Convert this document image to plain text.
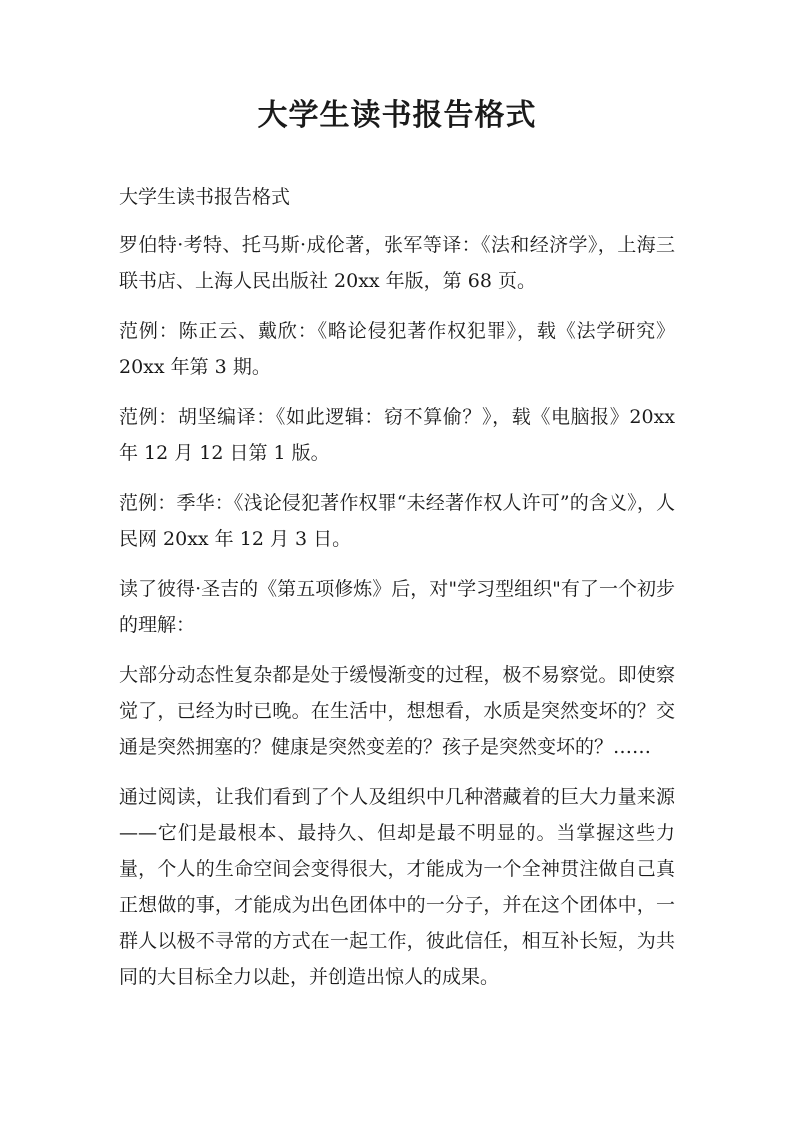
大学生读书报告格式

大学生读书报告格式

罗伯特·考特、托马斯·成伦著，张军等译：《法和经济学》，上海三联书店、上海人民出版社 20xx 年版，第 68 页。

范例：陈正云、戴欣：《略论侵犯著作权犯罪》，载《法学研究》20xx 年第 3 期。

范例：胡坚编译：《如此逻辑：窃不算偷？》，载《电脑报》20xx 年 12 月 12 日第 1 版。

范例：季华：《浅论侵犯著作权罪“未经著作权人许可”的含义》，人民网 20xx 年 12 月 3 日。

读了彼得·圣吉的《第五项修炼》后，对"学习型组织"有了一个初步的理解：

大部分动态性复杂都是处于缓慢渐变的过程，极不易察觉。即使察觉了，已经为时已晚。在生活中，想想看，水质是突然变坏的？交通是突然拥塞的？健康是突然变差的？孩子是突然变坏的？……

通过阅读，让我们看到了个人及组织中几种潜藏着的巨大力量来源——它们是最根本、最持久、但却是最不明显的。当掌握这些力量，个人的生命空间会变得很大，才能成为一个全神贯注做自己真正想做的事，才能成为出色团体中的一分子，并在这个团体中，一群人以极不寻常的方式在一起工作，彼此信任，相互补长短，为共同的大目标全力以赴，并创造出惊人的成果。
